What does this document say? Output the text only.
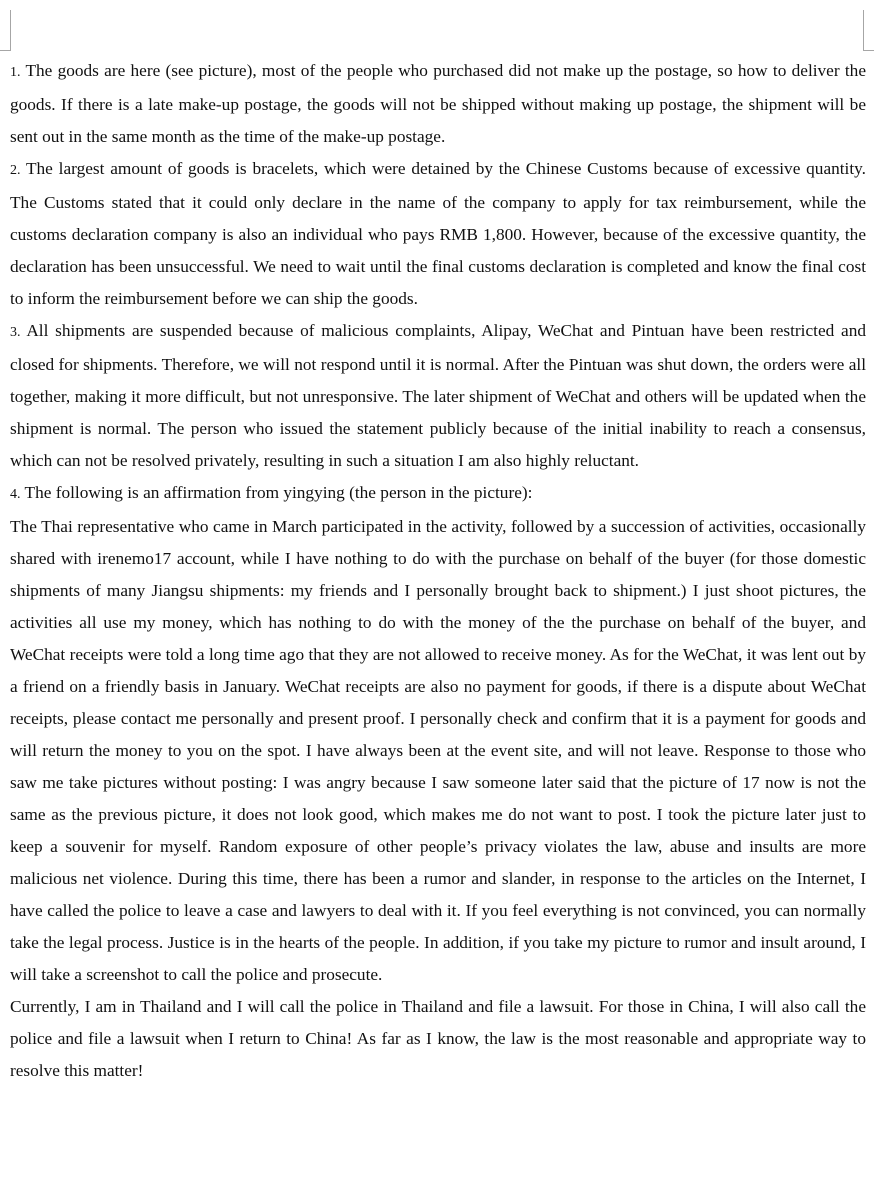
1. The goods are here (see picture), most of the people who purchased did not make up the postage, so how to deliver the goods. If there is a late make-up postage, the goods will not be shipped without making up postage, the shipment will be sent out in the same month as the time of the make-up postage.

2. The largest amount of goods is bracelets, which were detained by the Chinese Customs because of excessive quantity. The Customs stated that it could only declare in the name of the company to apply for tax reimbursement, while the customs declaration company is also an individual who pays RMB 1,800. However, because of the excessive quantity, the declaration has been unsuccessful. We need to wait until the final customs declaration is completed and know the final cost to inform the reimbursement before we can ship the goods.

3. All shipments are suspended because of malicious complaints, Alipay, WeChat and Pintuan have been restricted and closed for shipments. Therefore, we will not respond until it is normal. After the Pintuan was shut down, the orders were all together, making it more difficult, but not unresponsive. The later shipment of WeChat and others will be updated when the shipment is normal. The person who issued the statement publicly because of the initial inability to reach a consensus, which can not be resolved privately, resulting in such a situation I am also highly reluctant.

4. The following is an affirmation from yingying (the person in the picture):

The Thai representative who came in March participated in the activity, followed by a succession of activities, occasionally shared with irenemo17 account, while I have nothing to do with the purchase on behalf of the buyer (for those domestic shipments of many Jiangsu shipments: my friends and I personally brought back to shipment.) I just shoot pictures, the activities all use my money, which has nothing to do with the money of the the purchase on behalf of the buyer, and WeChat receipts were told a long time ago that they are not allowed to receive money. As for the WeChat, it was lent out by a friend on a friendly basis in January. WeChat receipts are also no payment for goods, if there is a dispute about WeChat receipts, please contact me personally and present proof. I personally check and confirm that it is a payment for goods and will return the money to you on the spot. I have always been at the event site, and will not leave. Response to those who saw me take pictures without posting: I was angry because I saw someone later said that the picture of 17 now is not the same as the previous picture, it does not look good, which makes me do not want to post. I took the picture later just to keep a souvenir for myself. Random exposure of other people’s privacy violates the law, abuse and insults are more malicious net violence. During this time, there has been a rumor and slander, in response to the articles on the Internet, I have called the police to leave a case and lawyers to deal with it. If you feel everything is not convinced, you can normally take the legal process. Justice is in the hearts of the people. In addition, if you take my picture to rumor and insult around, I will take a screenshot to call the police and prosecute.

Currently, I am in Thailand and I will call the police in Thailand and file a lawsuit. For those in China, I will also call the police and file a lawsuit when I return to China! As far as I know, the law is the most reasonable and appropriate way to resolve this matter!
